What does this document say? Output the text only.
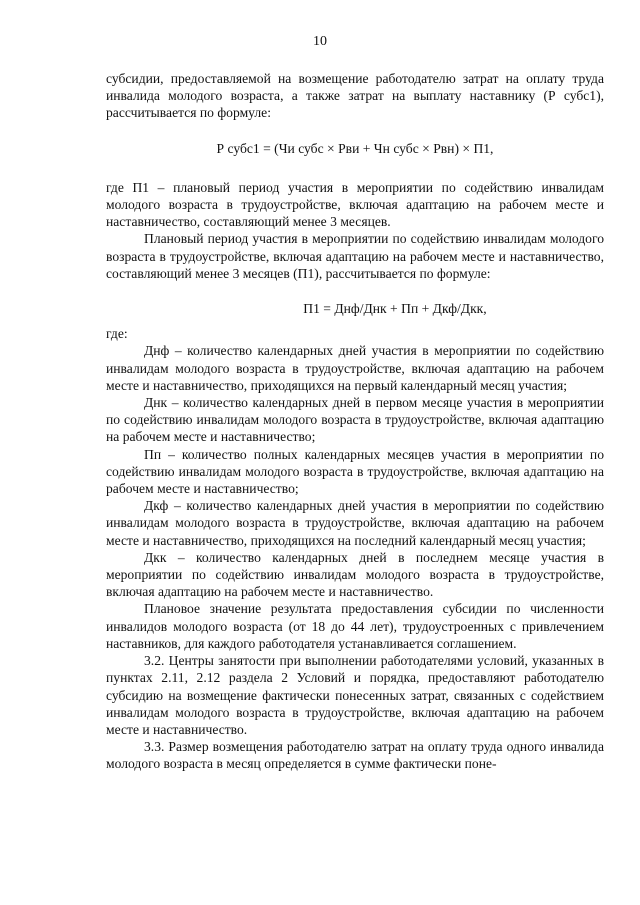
10

субсидии, предоставляемой на возмещение работодателю затрат на оплату труда инвалида молодого возраста, а также затрат на выплату наставнику (Р субс1), рассчитывается по формуле:

Р субс1 = (Чи субс × Рви + Чн субс × Рвн) × П1,

где П1 – плановый период участия в мероприятии по содействию инвалидам молодого возраста в трудоустройстве, включая адаптацию на рабочем месте и наставничество, составляющий менее 3 месяцев.

Плановый период участия в мероприятии по содействию инвалидам молодого возраста в трудоустройстве, включая адаптацию на рабочем месте и наставничество, составляющий менее 3 месяцев (П1), рассчитывается по формуле:

П1 = Днф/Днк + Пп + Дкф/Дкк,

где:

Днф – количество календарных дней участия в мероприятии по содействию инвалидам молодого возраста в трудоустройстве, включая адаптацию на рабочем месте и наставничество, приходящихся на первый календарный месяц участия;

Днк – количество календарных дней в первом месяце участия в мероприятии по содействию инвалидам молодого возраста в трудоустройстве, включая адаптацию на рабочем месте и наставничество;

Пп – количество полных календарных месяцев участия в мероприятии по содействию инвалидам молодого возраста в трудоустройстве, включая адаптацию на рабочем месте и наставничество;

Дкф – количество календарных дней участия в мероприятии по содействию инвалидам молодого возраста в трудоустройстве, включая адаптацию на рабочем месте и наставничество, приходящихся на последний календарный месяц участия;

Дкк – количество календарных дней в последнем месяце участия в мероприятии по содействию инвалидам молодого возраста в трудоустройстве, включая адаптацию на рабочем месте и наставничество.

Плановое значение результата предоставления субсидии по численности инвалидов молодого возраста (от 18 до 44 лет), трудоустроенных с привлечением наставников, для каждого работодателя устанавливается соглашением.

3.2. Центры занятости при выполнении работодателями условий, указанных в пунктах 2.11, 2.12 раздела 2 Условий и порядка, предоставляют работодателю субсидию на возмещение фактически понесенных затрат, связанных с содействием инвалидам молодого возраста в трудоустройстве, включая адаптацию на рабочем месте и наставничество.

3.3. Размер возмещения работодателю затрат на оплату труда одного инвалида молодого возраста в месяц определяется в сумме фактически поне-
